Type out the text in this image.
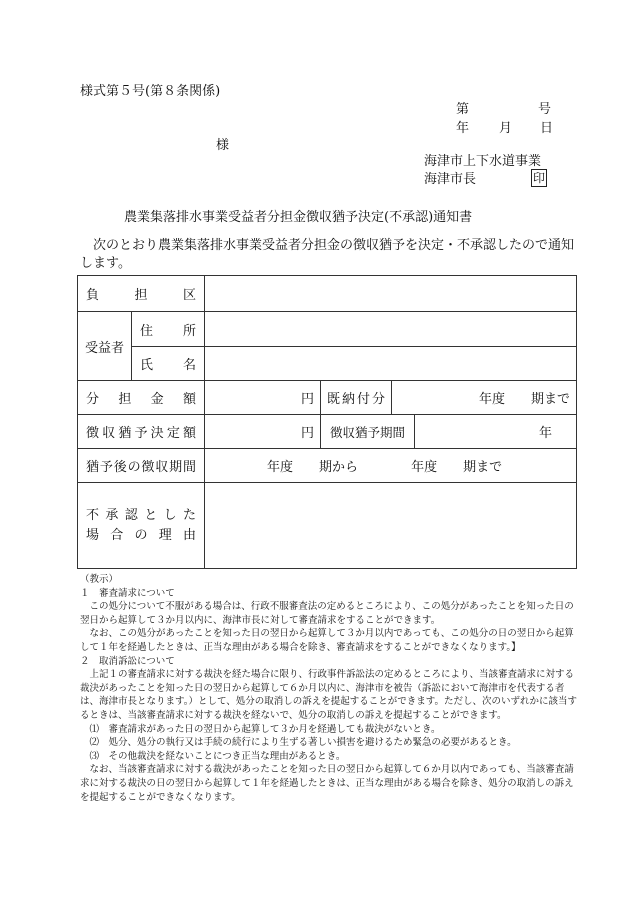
様式第５号(第８条関係)
第	号
年 月 日
様
海津市上下水道事業
海津市長	印
農業集落排水事業受益者分担金徴収猶予決定(不承認)通知書
　次のとおり農業集落排水事業受益者分担金の徴収猶予を決定・不承認したので通知します。
負担区					
受益者	住所				
	氏名				
分担金額		円	既納付分	年度　　期まで	
徴収猶予決定額		円	徴収猶予期間		年
猶予後の徴収期間		年度　　期から 年度　　期まで			

不承認とした
場合の理由					

（教示）
１　審査請求について
　この処分について不服がある場合は、行政不服審査法の定めるところにより、この処分があったことを知った日の翌日から起算して３か月以内に、海津市長に対して審査請求をすることができます。
　なお、この処分があったことを知った日の翌日から起算して３か月以内であっても、この処分の日の翌日から起算して１年を経過したときは、正当な理由がある場合を除き、審査請求をすることができなくなります。】
２　取消訴訟について
　上記１の審査請求に対する裁決を経た場合に限り、行政事件訴訟法の定めるところにより、当該審査請求に対する裁決があったことを知った日の翌日から起算して６か月以内に、海津市を被告（訴訟において海津市を代表する者は、海津市長となります。）として、処分の取消しの訴えを提起することができます。ただし、次のいずれかに該当するときは、当該審査請求に対する裁決を経ないで、処分の取消しの訴えを提起することができます。
　⑴　審査請求があった日の翌日から起算して３か月を経過しても裁決がないとき。
　⑵　処分、処分の執行又は手続の続行により生ずる著しい損害を避けるため緊急の必要があるとき。
　⑶　その他裁決を経ないことにつき正当な理由があるとき。
　なお、当該審査請求に対する裁決があったことを知った日の翌日から起算して６か月以内であっても、当該審査請求に対する裁決の日の翌日から起算して１年を経過したときは、正当な理由がある場合を除き、処分の取消しの訴えを提起することができなくなります。
